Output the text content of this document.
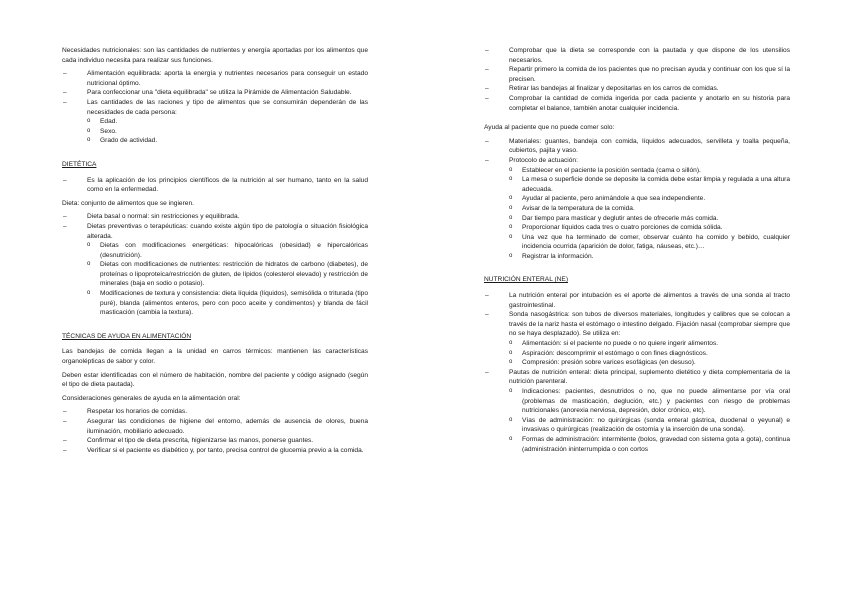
Necesidades nutricionales: son las cantidades de nutrientes y energía aportadas por los alimentos que cada individuo necesita para realizar sus funciones.

– Alimentación equilibrada: aporta la energía y nutrientes necesarios para conseguir un estado nutricional óptimo.
– Para confeccionar una "dieta equilibrada" se utiliza la Pirámide de Alimentación Saludable.
– Las cantidades de las raciones y tipo de alimentos que se consumirán dependerán de las necesidades de cada persona:
o Edad.
o Sexo.
o Grado de actividad.
DIETÉTICA
– Es la aplicación de los principios científicos de la nutrición al ser humano, tanto en la salud como en la enfermedad.

Dieta: conjunto de alimentos que se ingieren.

– Dieta basal o normal: sin restricciones y equilibrada.
– Dietas preventivas o terapéuticas: cuando existe algún tipo de patología o situación fisiológica alterada.
o Dietas con modificaciones energéticas: hipocalóricas (obesidad) e hipercalóricas (desnutrición).
o Dietas con modificaciones de nutrientes: restricción de hidratos de carbono (diabetes), de proteínas o lipoproteica/restricción de gluten, de lípidos (colesterol elevado) y restricción de minerales (baja en sodio o potasio).
o Modificaciones de textura y consistencia: dieta líquida (líquidos), semisólida o triturada (tipo puré), blanda (alimentos enteros, pero con poco aceite y condimentos) y blanda de fácil masticación (cambia la textura).
TÉCNICAS DE AYUDA EN ALIMENTACIÓN

Las bandejas de comida llegan a la unidad en carros térmicos: mantienen las características organolépticas de sabor y color.

Deben estar identificadas con el número de habitación, nombre del paciente y código asignado (según el tipo de dieta pautada).

Consideraciones generales de ayuda en la alimentación oral:

– Respetar los horarios de comidas.
– Asegurar las condiciones de higiene del entorno, además de ausencia de olores, buena iluminación, mobiliario adecuado.
– Confirmar el tipo de dieta prescrita, higienizarse las manos, ponerse guantes.
– Verificar si el paciente es diabético y, por tanto, precisa control de glucemia previo a la comida.
– Comprobar que la dieta se corresponde con la pautada y que dispone de los utensilios necesarios.
– Repartir primero la comida de los pacientes que no precisan ayuda y continuar con los que sí la precisen.
– Retirar las bandejas al finalizar y depositarlas en los carros de comidas.
– Comprobar la cantidad de comida ingerida por cada paciente y anotarlo en su historia para completar el balance, también anotar cualquier incidencia.

Ayuda al paciente que no puede comer solo:

– Materiales: guantes, bandeja con comida, líquidos adecuados, servilleta y toalla pequeña, cubiertos, pajita y vaso.
– Protocolo de actuación:
o Establecer en el paciente la posición sentada (cama o sillón).
o La mesa o superficie donde se deposite la comida debe estar limpia y regulada a una altura adecuada.
o Ayudar al paciente, pero animándole a que sea independiente.
o Avisar de la temperatura de la comida.
o Dar tiempo para masticar y deglutir antes de ofrecerle más comida.
o Proporcionar líquidos cada tres o cuatro porciones de comida sólida.
o Una vez que ha terminado de comer, observar cuánto ha comido y bebido, cualquier incidencia ocurrida (aparición de dolor, fatiga, náuseas, etc.)…
o Registrar la información.
NUTRICIÓN ENTERAL (NE)
– La nutrición enteral por intubación es el aporte de alimentos a través de una sonda al tracto gastrointestinal.
– Sonda nasogástrica: son tubos de diversos materiales, longitudes y calibres que se colocan a través de la nariz hasta el estómago o intestino delgado. Fijación nasal (comprobar siempre que no se haya desplazado). Se utiliza en:
o Alimentación: si el paciente no puede o no quiere ingerir alimentos.
o Aspiración: descomprimir el estómago o con fines diagnósticos.
o Compresión: presión sobre varices esofágicas (en desuso).
– Pautas de nutrición enteral: dieta principal, suplemento dietético y dieta complementaria de la nutrición parenteral.
o Indicaciones: pacientes, desnutridos o no, que no puede alimentarse por vía oral (problemas de masticación, deglución, etc.) y pacientes con riesgo de problemas nutricionales (anorexia nerviosa, depresión, dolor crónico, etc).
o Vías de administración: no quirúrgicas (sonda enteral gástrica, duodenal o yeyunal) e invasivas o quirúrgicas (realización de ostomía y la inserción de una sonda).
o Formas de administración: intermitente (bolos, gravedad con sistema gota a gota), continua (administración ininterrumpida o con cortos
